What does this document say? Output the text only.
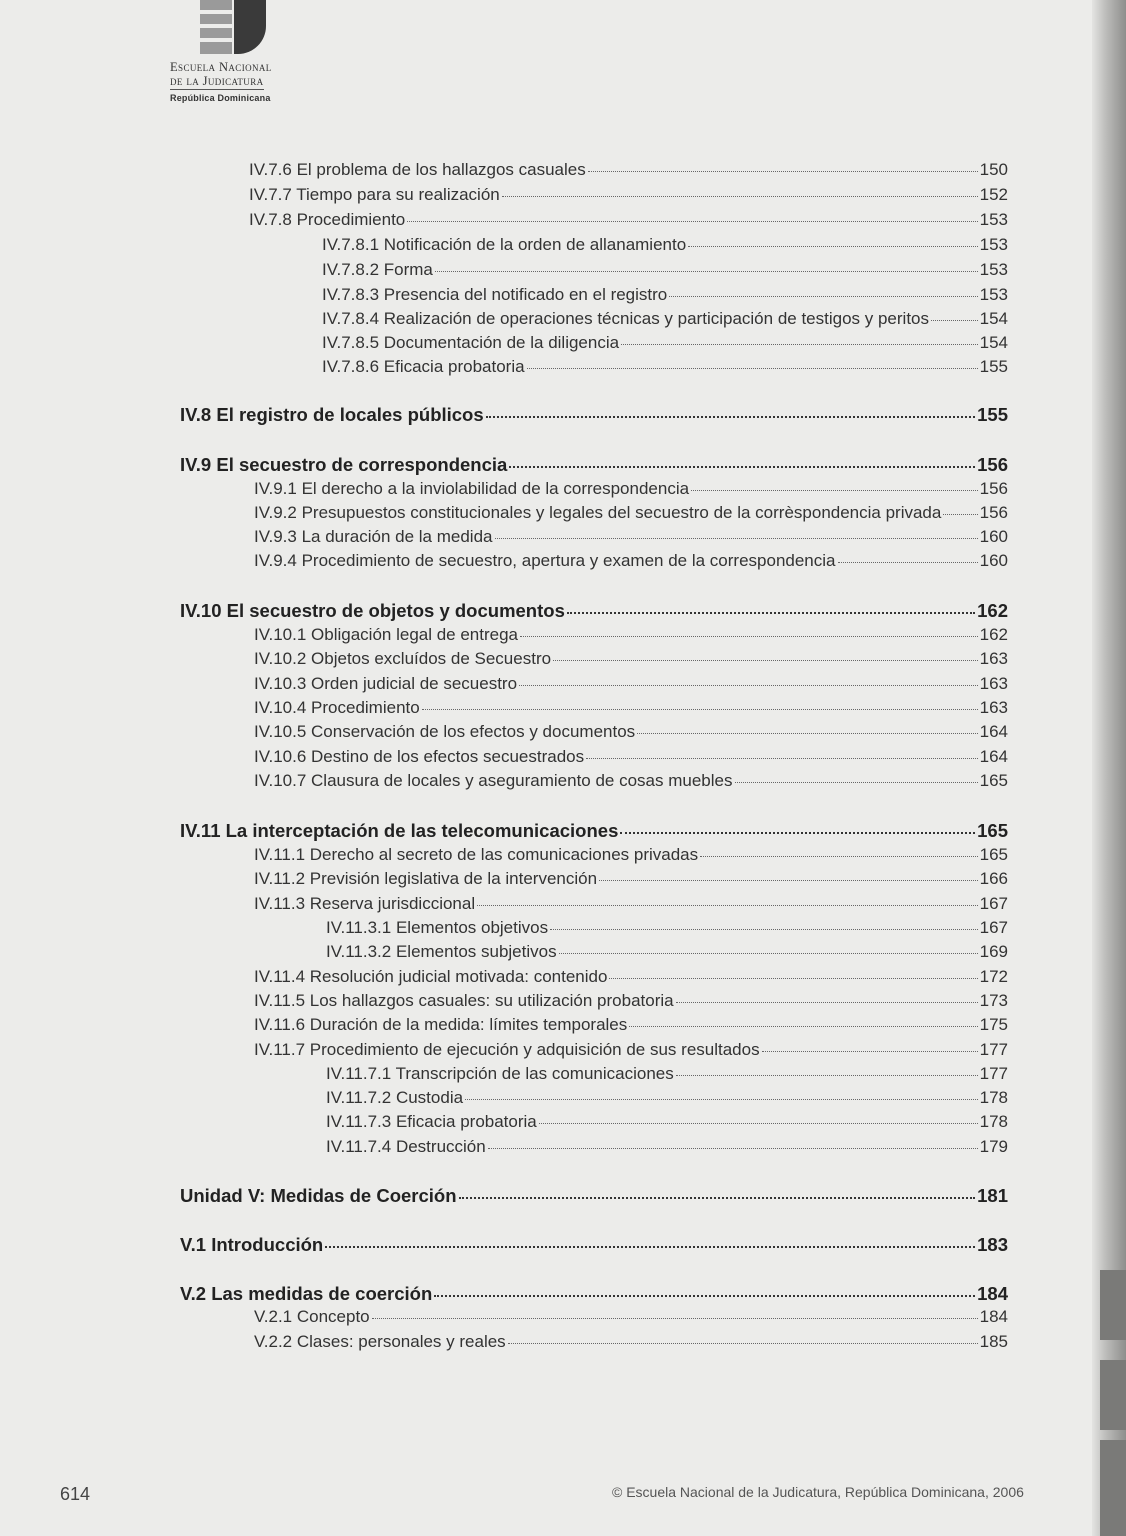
Escuela Nacional
de la Judicatura
República Dominicana
IV.7.6 El problema de los hallazgos casuales	150
IV.7.7 Tiempo para su realización	152
IV.7.8 Procedimiento	153
IV.7.8.1 Notificación de la orden de allanamiento	153
IV.7.8.2 Forma	153
IV.7.8.3 Presencia del notificado en el registro	153
IV.7.8.4 Realización de operaciones técnicas y participación de testigos y peritos	154
IV.7.8.5 Documentación de la diligencia	154
IV.7.8.6 Eficacia probatoria	155
IV.8 El registro de locales públicos	155
IV.9 El secuestro de correspondencia	156
IV.9.1 El derecho a la inviolabilidad de la correspondencia	156
IV.9.2 Presupuestos constitucionales y legales del secuestro de la corrèspondencia privada 156
IV.9.3 La duración de la medida	160
IV.9.4 Procedimiento de secuestro, apertura y examen de la correspondencia	160
IV.10 El secuestro de objetos y documentos	162
IV.10.1 Obligación legal de entrega	162
IV.10.2 Objetos excluídos de Secuestro	163
IV.10.3 Orden judicial de secuestro	163
IV.10.4 Procedimiento	163
IV.10.5 Conservación de los efectos y documentos	164
IV.10.6 Destino de los efectos secuestrados	164
IV.10.7 Clausura de locales y aseguramiento de cosas muebles	165
IV.11 La interceptación de las telecomunicaciones	165
IV.11.1 Derecho al secreto de las comunicaciones privadas	165
IV.11.2 Previsión legislativa de la intervención	166
IV.11.3 Reserva jurisdiccional	167
IV.11.3.1 Elementos objetivos	167
IV.11.3.2 Elementos subjetivos	169
IV.11.4 Resolución judicial motivada: contenido	172
IV.11.5 Los hallazgos casuales: su utilización probatoria	173
IV.11.6 Duración de la medida: límites temporales	175
IV.11.7 Procedimiento de ejecución y adquisición de sus resultados	177
IV.11.7.1 Transcripción de las comunicaciones	177
IV.11.7.2 Custodia	178
IV.11.7.3 Eficacia probatoria	178
IV.11.7.4 Destrucción	179
Unidad V: Medidas de Coerción	181
V.1 Introducción	183
V.2 Las medidas de coerción	184
V.2.1 Concepto	184
V.2.2 Clases: personales y reales	185
614	© Escuela Nacional de la Judicatura, República Dominicana, 2006
